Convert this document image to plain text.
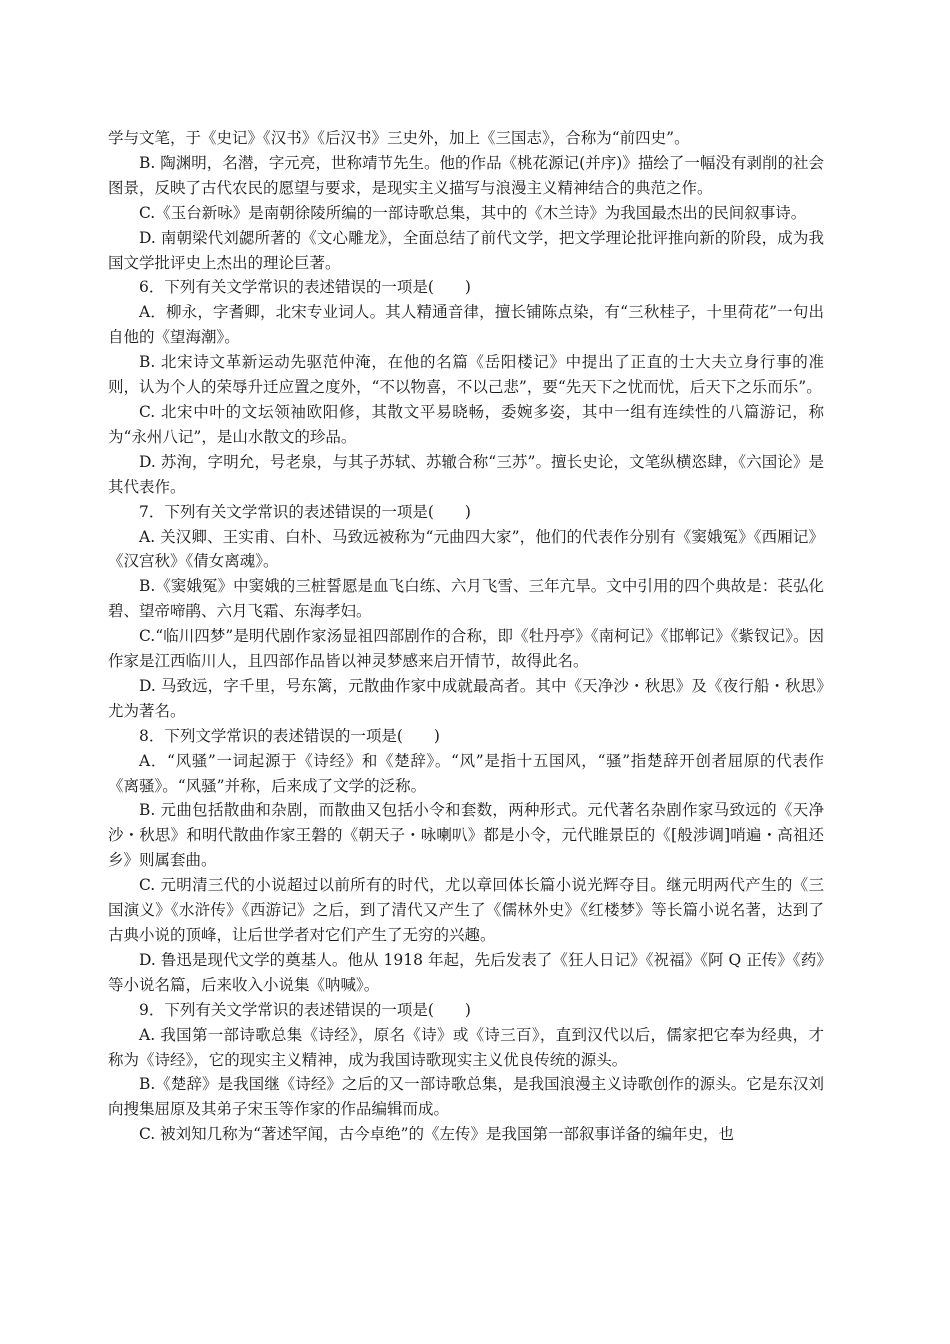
学与文笔，于《史记》《汉书》《后汉书》三史外，加上《三国志》，合称为“前四史”。

B. 陶渊明，名潜，字元亮，世称靖节先生。他的作品《桃花源记(并序)》描绘了一幅没有剥削的社会图景，反映了古代农民的愿望与要求，是现实主义描写与浪漫主义精神结合的典范之作。

C.《玉台新咏》是南朝徐陵所编的一部诗歌总集，其中的《木兰诗》为我国最杰出的民间叙事诗。

D. 南朝梁代刘勰所著的《文心雕龙》，全面总结了前代文学，把文学理论批评推向新的阶段，成为我国文学批评史上杰出的理论巨著。

6．下列有关文学常识的表述错误的一项是(　　)

A．柳永，字耆卿，北宋专业词人。其人精通音律，擅长铺陈点染，有“三秋桂子，十里荷花”一句出自他的《望海潮》。

B. 北宋诗文革新运动先驱范仲淹，在他的名篇《岳阳楼记》中提出了正直的士大夫立身行事的准则，认为个人的荣辱升迁应置之度外，“不以物喜，不以己悲”，要“先天下之忧而忧，后天下之乐而乐”。

C. 北宋中叶的文坛领袖欧阳修，其散文平易晓畅，委婉多姿，其中一组有连续性的八篇游记，称为“永州八记”，是山水散文的珍品。

D. 苏洵，字明允，号老泉，与其子苏轼、苏辙合称“三苏”。擅长史论，文笔纵横恣肆，《六国论》是其代表作。

7．下列有关文学常识的表述错误的一项是(　　)

A. 关汉卿、王实甫、白朴、马致远被称为“元曲四大家”，他们的代表作分别有《窦娥冤》《西厢记》《汉宫秋》《倩女离魂》。

B.《窦娥冤》中窦娥的三桩誓愿是血飞白练、六月飞雪、三年亢旱。文中引用的四个典故是：苌弘化碧、望帝啼鹃、六月飞霜、东海孝妇。

C.“临川四梦”是明代剧作家汤显祖四部剧作的合称，即《牡丹亭》《南柯记》《邯郸记》《紫钗记》。因作家是江西临川人，且四部作品皆以神灵梦感来启开情节，故得此名。

D. 马致远，字千里，号东篱，元散曲作家中成就最高者。其中《天净沙・秋思》及《夜行船・秋思》尤为著名。

8．下列文学常识的表述错误的一项是(　　)

A．“风骚”一词起源于《诗经》和《楚辞》。“风”是指十五国风，“骚”指楚辞开创者屈原的代表作《离骚》。“风骚”并称，后来成了文学的泛称。

B. 元曲包括散曲和杂剧，而散曲又包括小令和套数，两种形式。元代著名杂剧作家马致远的《天净沙・秋思》和明代散曲作家王磐的《朝天子・咏喇叭》都是小令，元代睢景臣的《[般涉调]哨遍・高祖还乡》则属套曲。

C. 元明清三代的小说超过以前所有的时代，尤以章回体长篇小说光辉夺目。继元明两代产生的《三国演义》《水浒传》《西游记》之后，到了清代又产生了《儒林外史》《红楼梦》等长篇小说名著，达到了古典小说的顶峰，让后世学者对它们产生了无穷的兴趣。

D. 鲁迅是现代文学的奠基人。他从 1918 年起，先后发表了《狂人日记》《祝福》《阿 Q 正传》《药》等小说名篇，后来收入小说集《呐喊》。

9．下列有关文学常识的表述错误的一项是(　　)

A. 我国第一部诗歌总集《诗经》，原名《诗》或《诗三百》，直到汉代以后，儒家把它奉为经典，才称为《诗经》，它的现实主义精神，成为我国诗歌现实主义优良传统的源头。

B.《楚辞》是我国继《诗经》之后的又一部诗歌总集，是我国浪漫主义诗歌创作的源头。它是东汉刘向搜集屈原及其弟子宋玉等作家的作品编辑而成。

C. 被刘知几称为“著述罕闻，古今卓绝”的《左传》是我国第一部叙事详备的编年史，也
